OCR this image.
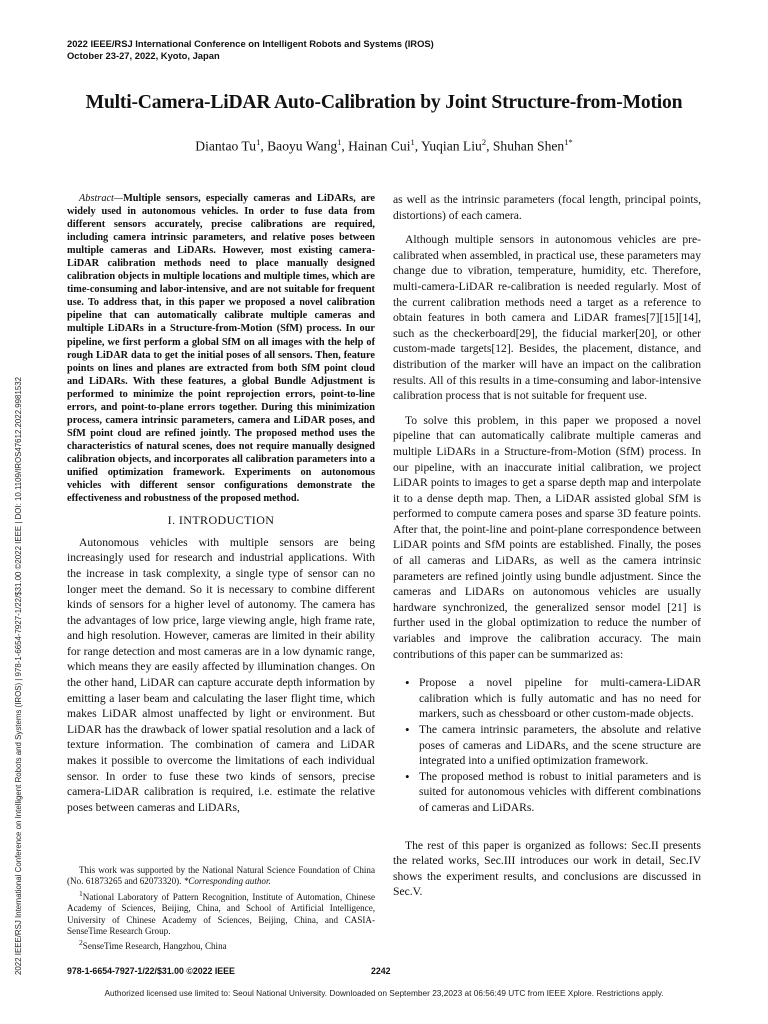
2022 IEEE/RSJ International Conference on Intelligent Robots and Systems (IROS)
October 23-27, 2022, Kyoto, Japan
Multi-Camera-LiDAR Auto-Calibration by Joint Structure-from-Motion
Diantao Tu$^1$, Baoyu Wang$^1$, Hainan Cui$^1$, Yuqian Liu$^2$, Shuhan Shen$^{1*}$

Abstract—Multiple sensors, especially cameras and LiDARs, are widely used in autonomous vehicles. In order to fuse data from different sensors accurately, precise calibrations are required, including camera intrinsic parameters, and relative poses between multiple cameras and LiDARs. However, most existing camera-LiDAR calibration methods need to place manually designed calibration objects in multiple locations and multiple times, which are time-consuming and labor-intensive, and are not suitable for frequent use. To address that, in this paper we proposed a novel calibration pipeline that can automatically calibrate multiple cameras and multiple LiDARs in a Structure-from-Motion (SfM) process. In our pipeline, we first perform a global SfM on all images with the help of rough LiDAR data to get the initial poses of all sensors. Then, feature points on lines and planes are extracted from both SfM point cloud and LiDARs. With these features, a global Bundle Adjustment is performed to minimize the point reprojection errors, point-to-line errors, and point-to-plane errors together. During this minimization process, camera intrinsic parameters, camera and LiDAR poses, and SfM point cloud are refined jointly. The proposed method uses the characteristics of natural scenes, does not require manually designed calibration objects, and incorporates all calibration parameters into a unified optimization framework. Experiments on autonomous vehicles with different sensor configurations demonstrate the effectiveness and robustness of the proposed method.

I. INTRODUCTION

Autonomous vehicles with multiple sensors are being increasingly used for research and industrial applications. With the increase in task complexity, a single type of sensor can no longer meet the demand. So it is necessary to combine different kinds of sensors for a higher level of autonomy. The camera has the advantages of low price, large viewing angle, high frame rate, and high resolution. However, cameras are limited in their ability for range detection and most cameras are in a low dynamic range, which means they are easily affected by illumination changes. On the other hand, LiDAR can capture accurate depth information by emitting a laser beam and calculating the laser flight time, which makes LiDAR almost unaffected by light or environment. But LiDAR has the drawback of lower spatial resolution and a lack of texture information. The combination of camera and LiDAR makes it possible to overcome the limitations of each individual sensor. In order to fuse these two kinds of sensors, precise camera-LiDAR calibration is required, i.e. estimate the relative poses between cameras and LiDARs,

This work was supported by the National Natural Science Foundation of China (No. 61873265 and 62073320). *Corresponding author.

$^1$National Laboratory of Pattern Recognition, Institute of Automation, Chinese Academy of Sciences, Beijing, China, and School of Artificial Intelligence, University of Chinese Academy of Sciences, Beijing, China, and CASIA-SenseTime Research Group.

$^2$SenseTime Research, Hangzhou, China

as well as the intrinsic parameters (focal length, principal points, distortions) of each camera.

Although multiple sensors in autonomous vehicles are pre-calibrated when assembled, in practical use, these parameters may change due to vibration, temperature, humidity, etc. Therefore, multi-camera-LiDAR re-calibration is needed regularly. Most of the current calibration methods need a target as a reference to obtain features in both camera and LiDAR frames[7][15][14], such as the checkerboard[29], the fiducial marker[20], or other custom-made targets[12]. Besides, the placement, distance, and distribution of the marker will have an impact on the calibration results. All of this results in a time-consuming and labor-intensive calibration process that is not suitable for frequent use.

To solve this problem, in this paper we proposed a novel pipeline that can automatically calibrate multiple cameras and multiple LiDARs in a Structure-from-Motion (SfM) process. In our pipeline, with an inaccurate initial calibration, we project LiDAR points to images to get a sparse depth map and interpolate it to a dense depth map. Then, a LiDAR assisted global SfM is performed to compute camera poses and sparse 3D feature points. After that, the point-line and point-plane correspondence between LiDAR points and SfM points are established. Finally, the poses of all cameras and LiDARs, as well as the camera intrinsic parameters are refined jointly using bundle adjustment. Since the cameras and LiDARs on autonomous vehicles are usually hardware synchronized, the generalized sensor model [21] is further used in the global optimization to reduce the number of variables and improve the calibration accuracy. The main contributions of this paper can be summarized as:

• Propose a novel pipeline for multi-camera-LiDAR calibration which is fully automatic and has no need for markers, such as chessboard or other custom-made objects.
• The camera intrinsic parameters, the absolute and relative poses of cameras and LiDARs, and the scene structure are integrated into a unified optimization framework.
• The proposed method is robust to initial parameters and is suited for autonomous vehicles with different combinations of cameras and LiDARs.

The rest of this paper is organized as follows: Sec.II presents the related works, Sec.III introduces our work in detail, Sec.IV shows the experiment results, and conclusions are discussed in Sec.V.

978-1-6654-7927-1/22/$31.00 ©2022 IEEE	2242
Authorized licensed use limited to: Seoul National University. Downloaded on September 23,2023 at 06:56:49 UTC from IEEE Xplore. Restrictions apply.
2022 IEEE/RSJ International Conference on Intelligent Robots and Systems (IROS) | 978-1-6654-7927-1/22/$31.00 ©2022 IEEE | DOI: 10.1109/IROS47612.2022.9981532
